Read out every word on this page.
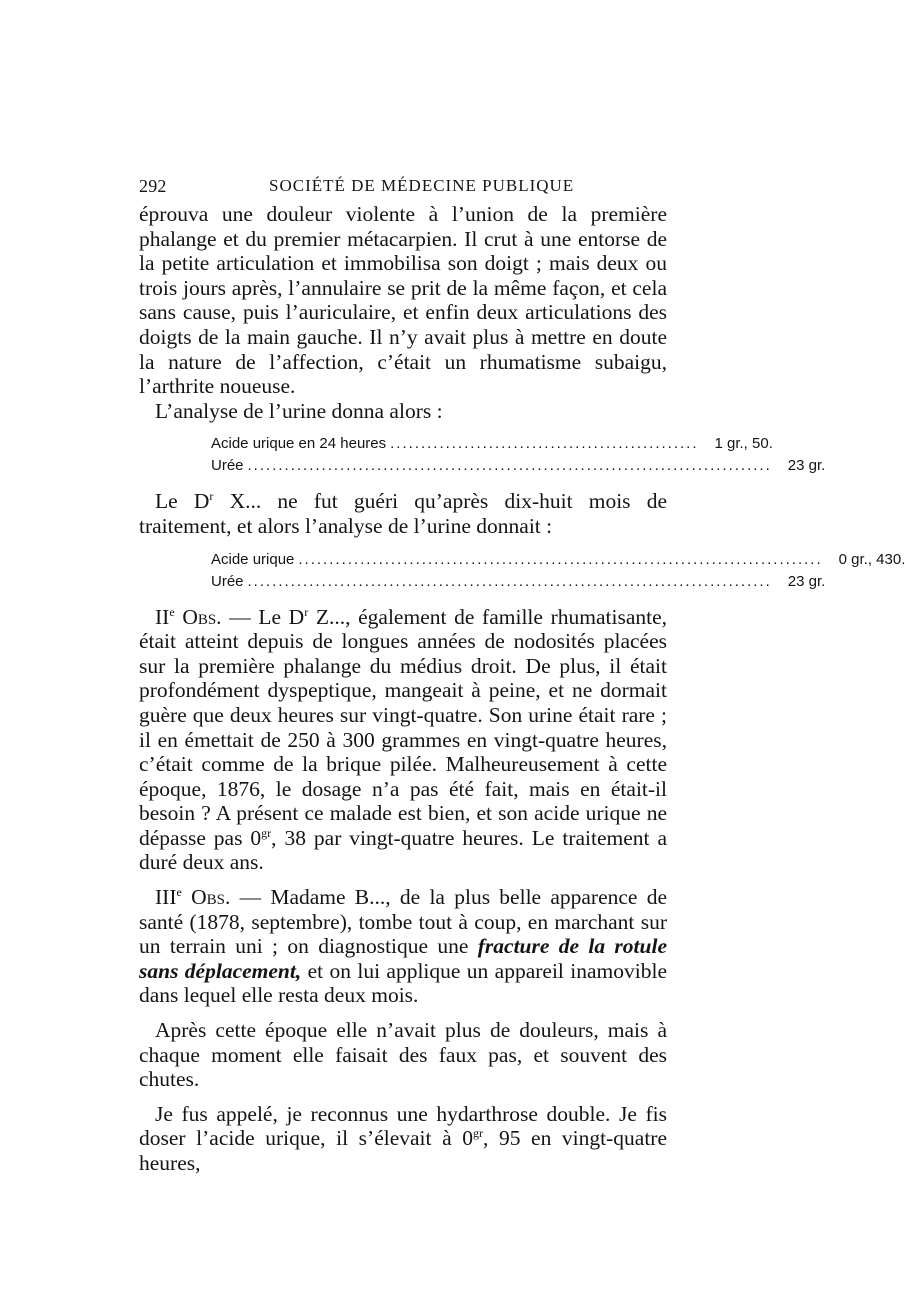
292	SOCIÉTÉ DE MÉDECINE PUBLIQUE

éprouva une douleur violente à l’union de la première phalange et du premier métacarpien. Il crut à une entorse de la petite articulation et immobilisa son doigt ; mais deux ou trois jours après, l’annulaire se prit de la même façon, et cela sans cause, puis l’auriculaire, et enfin deux articulations des doigts de la main gauche. Il n’y avait plus à mettre en doute la nature de l’affection, c’était un rhumatisme subaigu, l’arthrite noueuse.

L’analyse de l’urine donna alors :

Acide urique en 24 heures ..................................................	1 gr., 50.
Urée .....................................................................................	23 gr.

Le $D^r$ X... ne fut guéri qu’après dix-huit mois de traitement, et alors l’analyse de l’urine donnait :

Acide urique .....................................................................................	0 gr., 430.
Urée .....................................................................................	23 gr.

IIe Obs. — Le $D^r$ Z..., également de famille rhumatisante, était atteint depuis de longues années de nodosités placées sur la première phalange du médius droit. De plus, il était profondément dyspeptique, mangeait à peine, et ne dormait guère que deux heures sur vingt-quatre. Son urine était rare ; il en émettait de 250 à 300 grammes en vingt-quatre heures, c’était comme de la brique pilée. Malheureusement à cette époque, 1876, le dosage n’a pas été fait, mais en était-il besoin ? A présent ce malade est bien, et son acide urique ne dépasse pas $0^{gr}$, 38 par vingt-quatre heures. Le traitement a duré deux ans.

IIIe Obs. — Madame B..., de la plus belle apparence de santé (1878, septembre), tombe tout à coup, en marchant sur un terrain uni ; on diagnostique une fracture de la rotule sans déplacement, et on lui applique un appareil inamovible dans lequel elle resta deux mois.

Après cette époque elle n’avait plus de douleurs, mais à chaque moment elle faisait des faux pas, et souvent des chutes.

Je fus appelé, je reconnus une hydarthrose double. Je fis doser l’acide urique, il s’élevait à $0^{gr}$, 95 en vingt-quatre heures,
